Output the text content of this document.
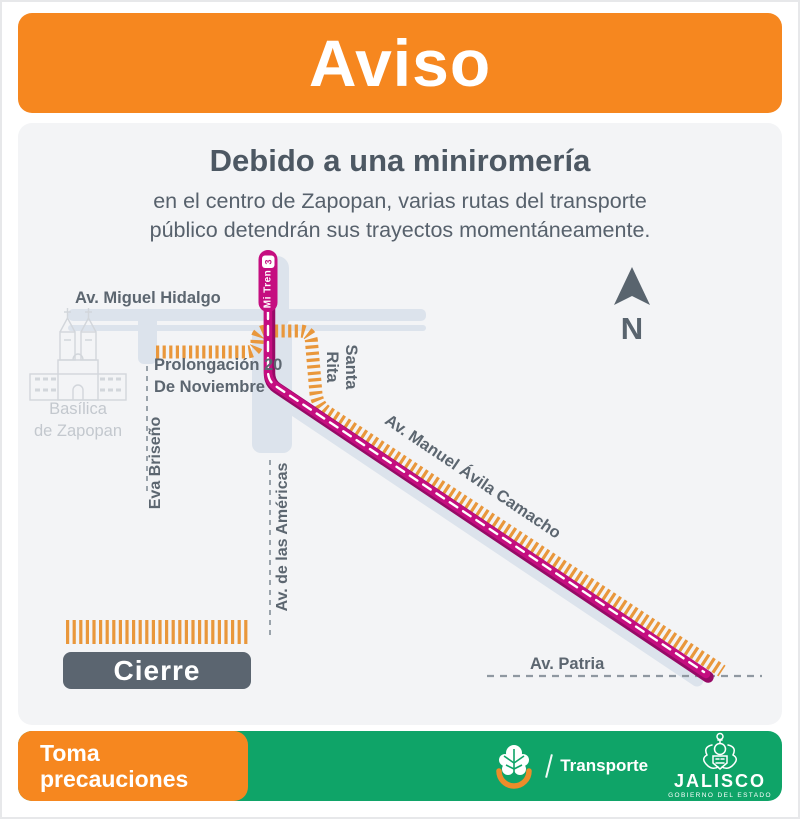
Aviso
Debido a una miniromería
en el centro de Zapopan, varias rutas del transporte
público detendrán sus trayectos momentáneamente.
Basílica
de Zapopan
3
Mi Tren
Av. Miguel Hidalgo
Prolongación 20
De Noviembre	Santa
Rita
Eva Briseño	Av. de las Américas	Av. Manuel Ávila Camacho
Av. Patria
N
Cierre
Toma
precauciones
Transporte
JALISCO
GOBIERNO DEL ESTADO
